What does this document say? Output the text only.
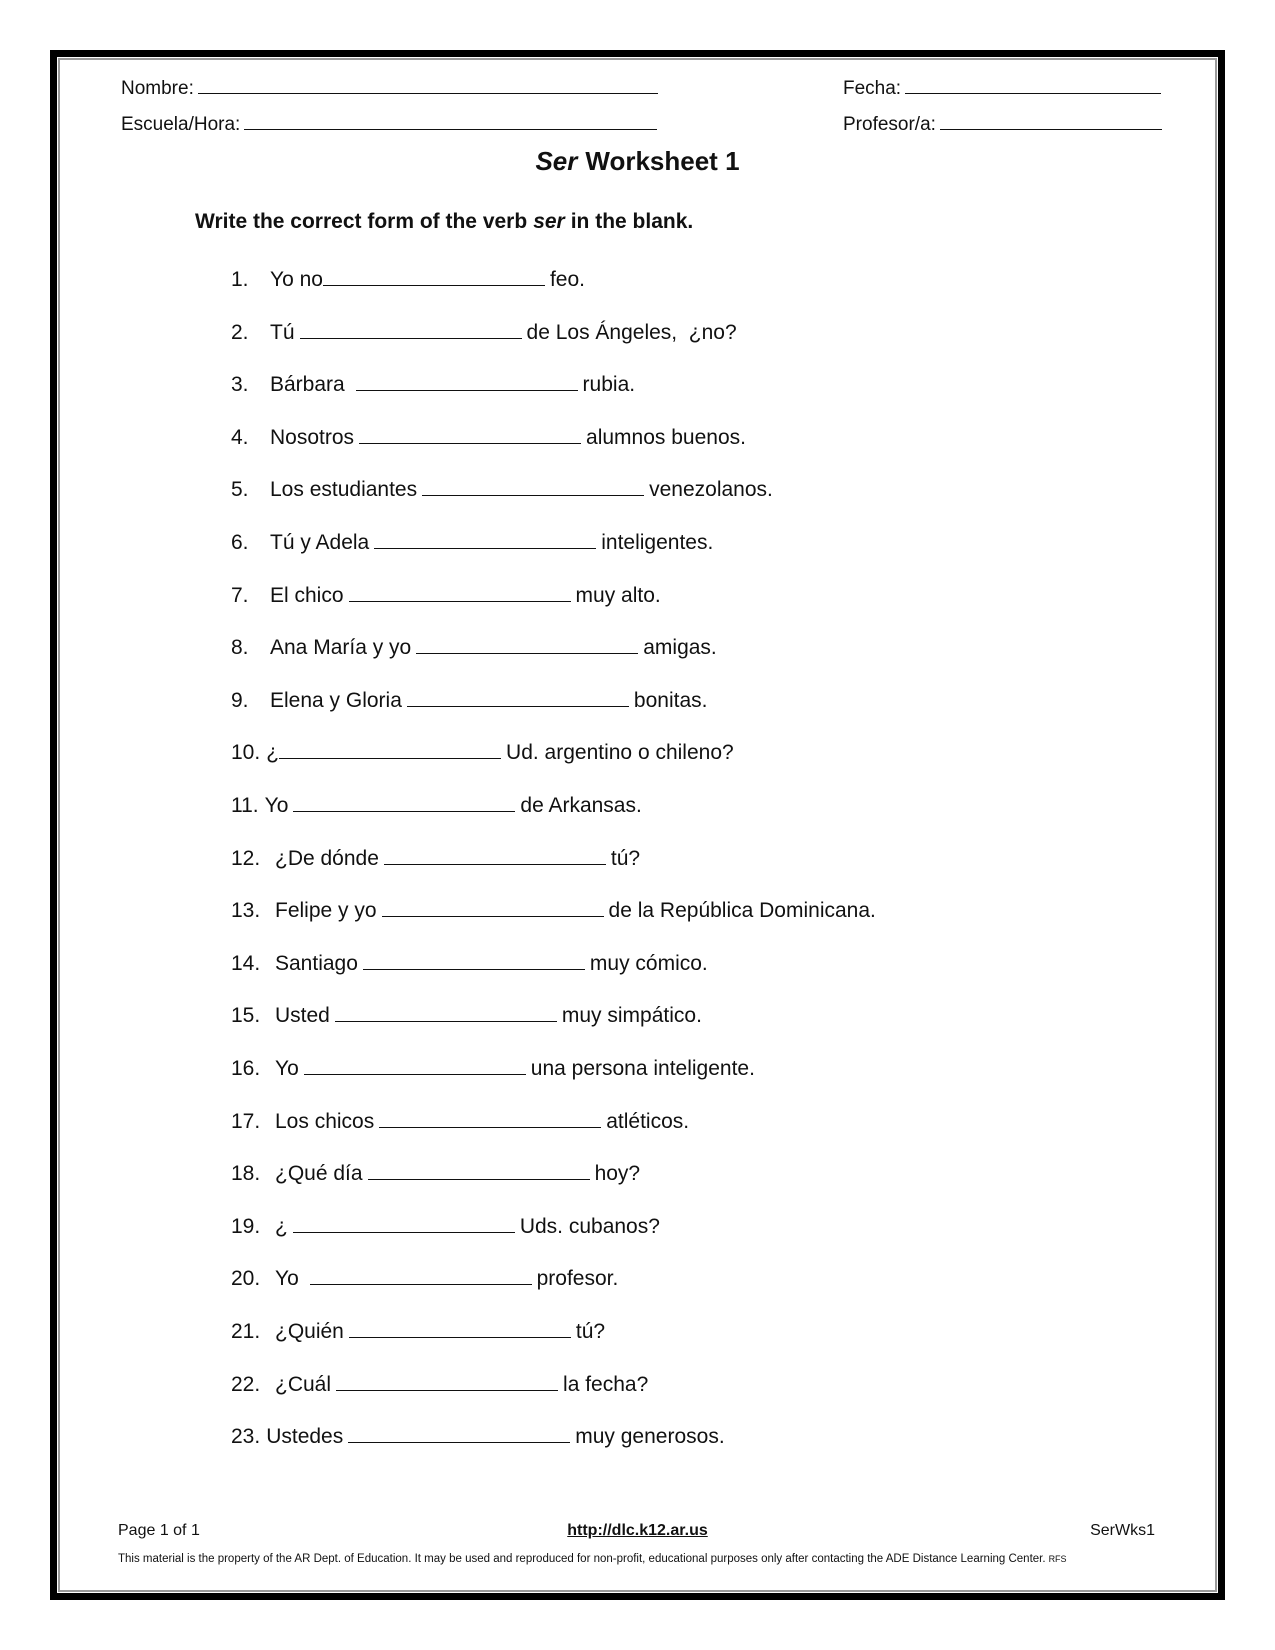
Nombre:
Escuela/Hora:
Fecha:
Profesor/a:
Ser Worksheet 1
Write the correct form of the verb ser in the blank.
1. Yo no	feo.
2. Tú	de Los Ángeles,  ¿no?
3. Bárbara	rubia.
4. Nosotros	alumnos buenos.
5. Los estudiantes	venezolanos.
6. Tú y Adela	inteligentes.
7. El chico	muy alto.
8. Ana María y yo	amigas.
9. Elena y Gloria	bonitas.
10. ¿	Ud. argentino o chileno?
11. Yo	de Arkansas.
12. ¿De dónde	tú?
13. Felipe y yo	de la República Dominicana.
14. Santiago	muy cómico.
15. Usted	muy simpático.
16. Yo	una persona inteligente.
17. Los chicos	atléticos.
18. ¿Qué día	hoy?
19. ¿	Uds. cubanos?
20. Yo	profesor.
21. ¿Quién	tú?
22. ¿Cuál	la fecha?
23. Ustedes	muy generosos.
Page 1 of 1	http://dlc.k12.ar.us	SerWks1
This material is the property of the AR Dept. of Education. It may be used and reproduced for non-profit, educational purposes only after contacting the ADE Distance Learning Center. RFS
